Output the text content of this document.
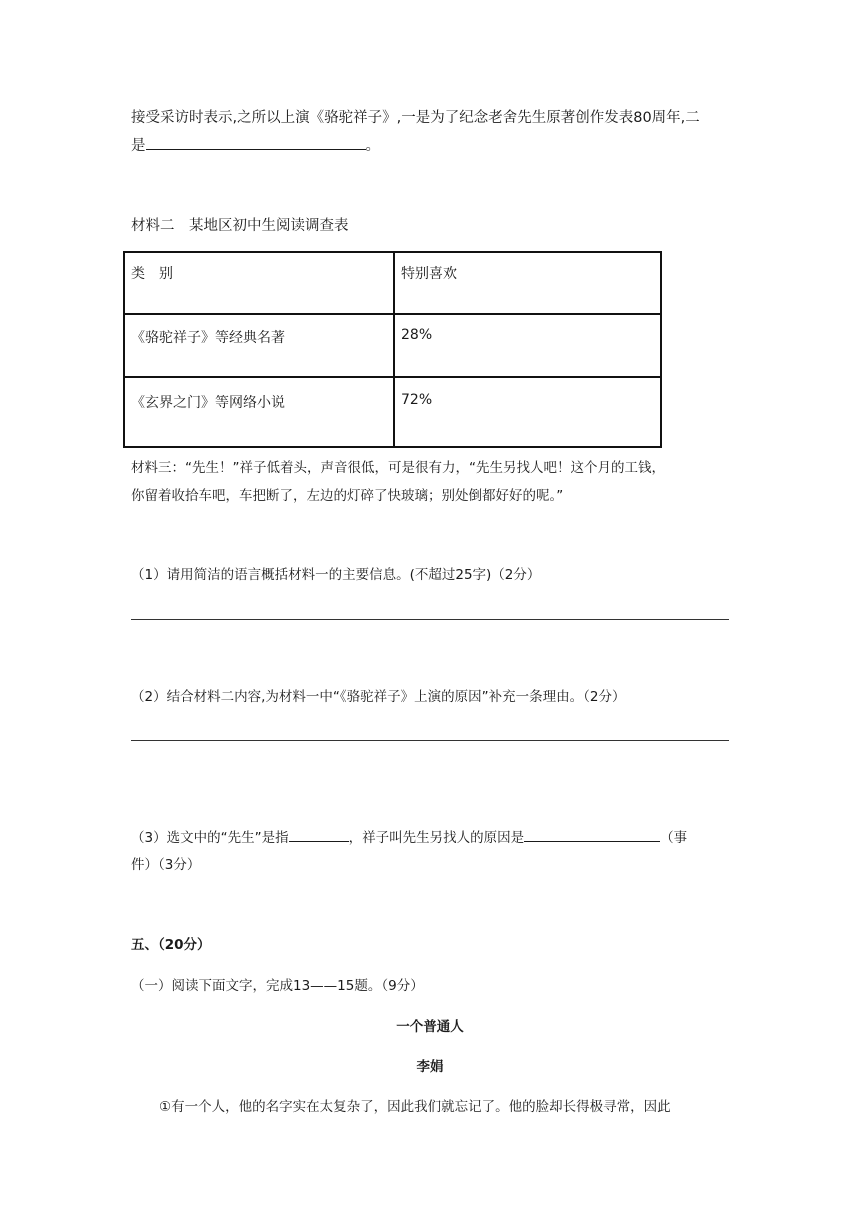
接受采访时表示,之所以上演《骆驼祥子》,一是为了纪念老舍先生原著创作发表80周年,二
是	。
材料二　某地区初中生阅读调查表
类　别	特别喜欢
《骆驼祥子》等经典名著	28%
《玄界之门》等网络小说	72%
材料三：“先生！”祥子低着头，声音很低，可是很有力，“先生另找人吧！这个月的工钱，
你留着收拾车吧，车把断了，左边的灯碎了快玻璃；别处倒都好好的呢。”
（1）请用简洁的语言概括材料一的主要信息。(不超过25字)（2分）
（2）结合材料二内容,为材料一中“《骆驼祥子》上演的原因”补充一条理由。（2分）
（3）选文中的“先生”是指	，祥子叫先生另找人的原因是	（事
件）（3分）
五、（20分）
（一）阅读下面文字，完成13——15题。（9分）
一个普通人
李娟
①有一个人，他的名字实在太复杂了，因此我们就忘记了。他的脸却长得极寻常，因此
